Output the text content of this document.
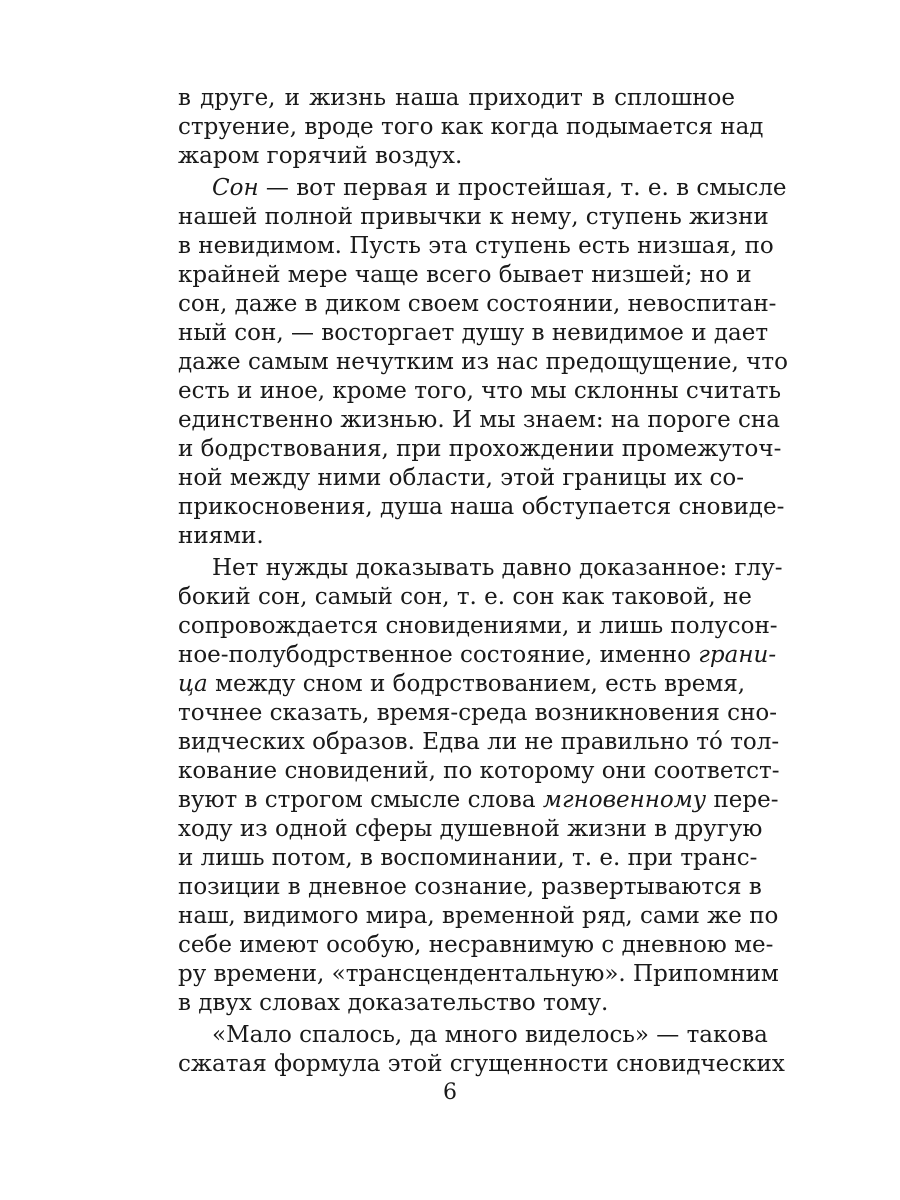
в друге, и жизнь наша приходит в сплошное
струение, вроде того как когда подымается над
жаром горячий воздух.
Сон — вот первая и простейшая, т. е. в смысле
нашей полной привычки к нему, ступень жизни
в невидимом. Пусть эта ступень есть низшая, по
крайней мере чаще всего бывает низшей; но и
сон, даже в диком своем состоянии, невоспитан-
ный сон, — восторгает душу в невидимое и дает
даже самым нечутким из нас предощущение, что
есть и иное, кроме того, что мы склонны считать
единственно жизнью. И мы знаем: на пороге сна
и бодрствования, при прохождении промежуточ-
ной между ними области, этой границы их со-
прикосновения, душа наша обступается сновиде-
ниями.
Нет нужды доказывать давно доказанное: глу-
бокий сон, самый сон, т. е. сон как таковой, не
сопровождается сновидениями, и лишь полусон-
ное-полубодрственное состояние, именно грани-
ца между сном и бодрствованием, есть время,
точнее сказать, время-среда возникновения сно-
видческих образов. Едва ли не правильно то́ тол-
кование сновидений, по которому они соответст-
вуют в строгом смысле слова мгновенному пере-
ходу из одной сферы душевной жизни в другую
и лишь потом, в воспоминании, т. е. при транс-
позиции в дневное сознание, развертываются в
наш, видимого мира, временной ряд, сами же по
себе имеют особую, несравнимую с дневною ме-
ру времени, «трансцендентальную». Припомним
в двух словах доказательство тому.
«Мало спалось, да много виделось» — такова
сжатая формула этой сгущенности сновидческих
6
